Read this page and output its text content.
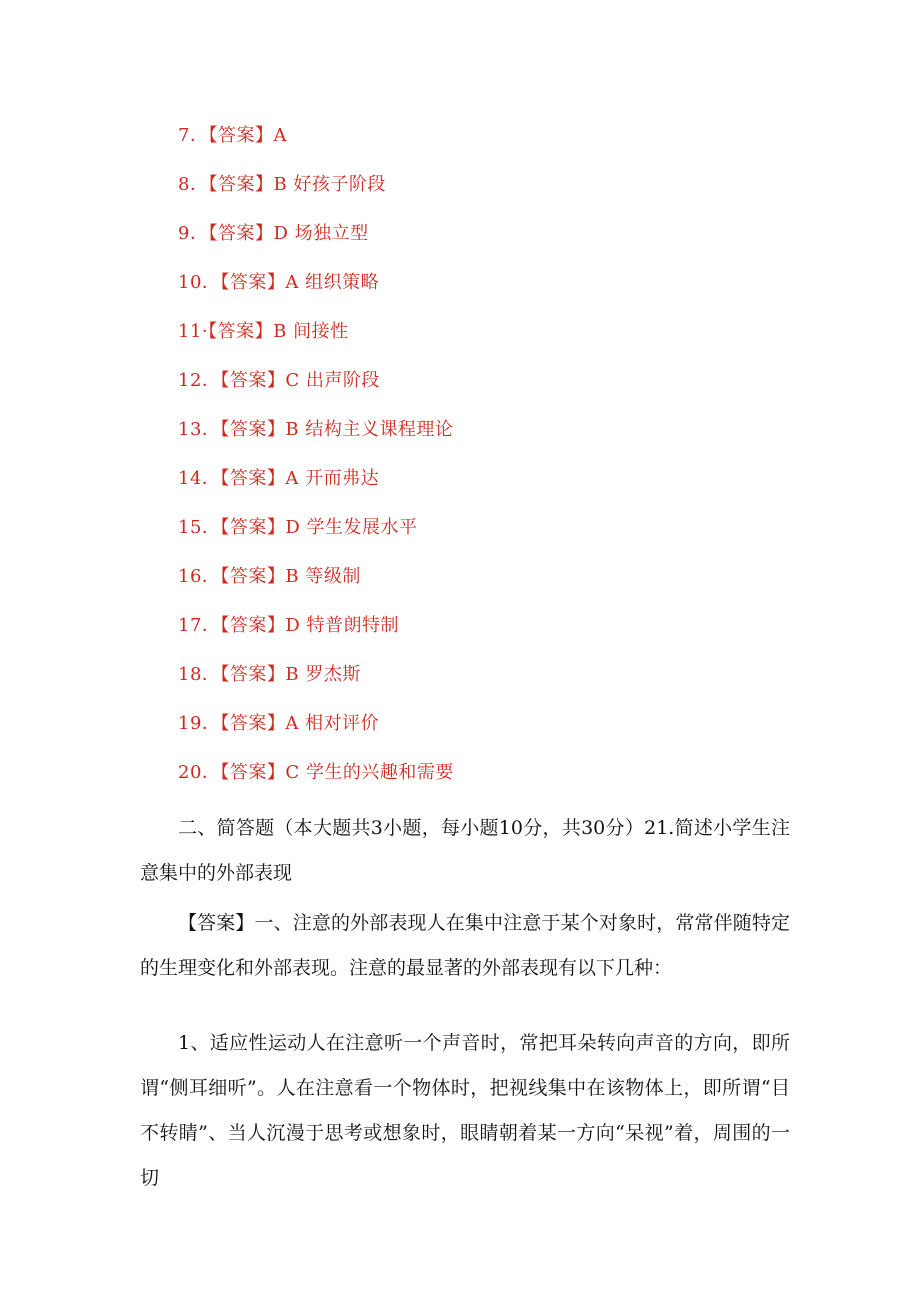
7．【答案】A
8．【答案】B 好孩子阶段
9．【答案】D 场独立型
10．【答案】A 组织策略
11·【答案】B 间接性
12．【答案】C 出声阶段
13．【答案】B 结构主义课程理论
14．【答案】A 开而弗达
15．【答案】D 学生发展水平
16．【答案】B 等级制
17．【答案】D 特普朗特制
18．【答案】B 罗杰斯
19．【答案】A 相对评价
20．【答案】C 学生的兴趣和需要

二、简答题（本大题共3小题，每小题10分，共30分）21.简述小学生注意集中的外部表现

【答案】一、注意的外部表现人在集中注意于某个对象时，常常伴随特定的生理变化和外部表现。注意的最显著的外部表现有以下几种：

1、适应性运动人在注意听一个声音时，常把耳朵转向声音的方向，即所谓“侧耳细听”。人在注意看一个物体时，把视线集中在该物体上，即所谓“目不转睛”、当人沉漫于思考或想象时，眼睛朝着某一方向“呆视”着，周围的一切
